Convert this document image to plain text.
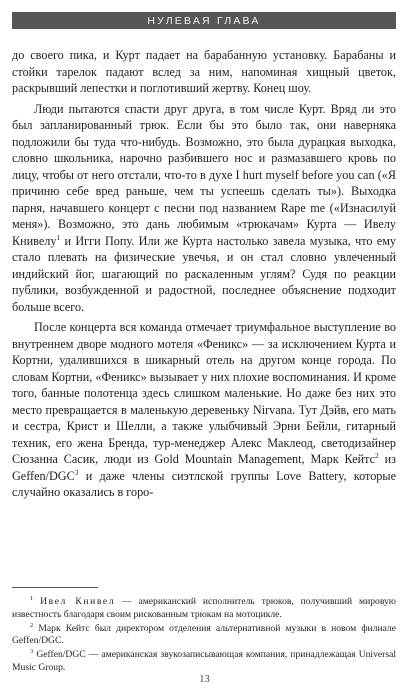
НУЛЕВАЯ ГЛАВА

до своего пика, и Курт падает на барабанную установку. Барабаны и стойки тарелок падают вслед за ним, напоминая хищный цветок, раскрывший лепестки и поглотивший жертву. Конец шоу.

Люди пытаются спасти друг друга, в том числе Курт. Вряд ли это был запланированный трюк. Если бы это было так, они наверняка подложили бы туда что-нибудь. Возможно, это была дурацкая выходка, словно школьника, нарочно разбившего нос и размазавшего кровь по лицу, чтобы от него отстали, что-то в духе I hurt myself before you can («Я причиню себе вред раньше, чем ты успеешь сделать ты»). Выходка парня, начавшего концерт с песни под названием Rape me («Изнасилуй меня»). Возможно, это дань любимым «трюкачам» Курта — Ивелу Книвелу$^1$ и Игги Попу. Или же Курта настолько завела музыка, что ему стало плевать на физические увечья, и он стал словно увлеченный индийский йог, шагающий по раскаленным углям? Судя по реакции публики, возбужденной и радостной, последнее объяснение подходит больше всего.

После концерта вся команда отмечает триумфальное выступление во внутреннем дворе модного мотеля «Феникс» — за исключением Курта и Кортни, удалившихся в шикарный отель на другом конце города. По словам Кортни, «Феникс» вызывает у них плохие воспоминания. И кроме того, банные полотенца здесь слишком маленькие. Но даже без них это место превращается в маленькую деревеньку Nirvana. Тут Дэйв, его мать и сестра, Крист и Шелли, а также улыбчивый Эрни Бейли, гитарный техник, его жена Бренда, тур-менеджер Алекс Маклеод, светодизайнер Сюзанна Сасик, люди из Gold Mountain Management, Марк Кейтс$^2$ из Geffen/DGC$^3$ и даже члены сиэтлской группы Love Battery, которые случайно оказались в горо-

$^1$ Ивел Книвел — американский исполнитель трюков, получивший мировую известность благодаря своим рискованным трюкам на мотоцикле.

$^2$ Марк Кейтс был директором отделения альтернативной музыки в новом филиале Geffen/DGC.

$^3$ Geffen/DGC — американская звукозаписывающая компания, принадлежащая Universal Music Group.

13
